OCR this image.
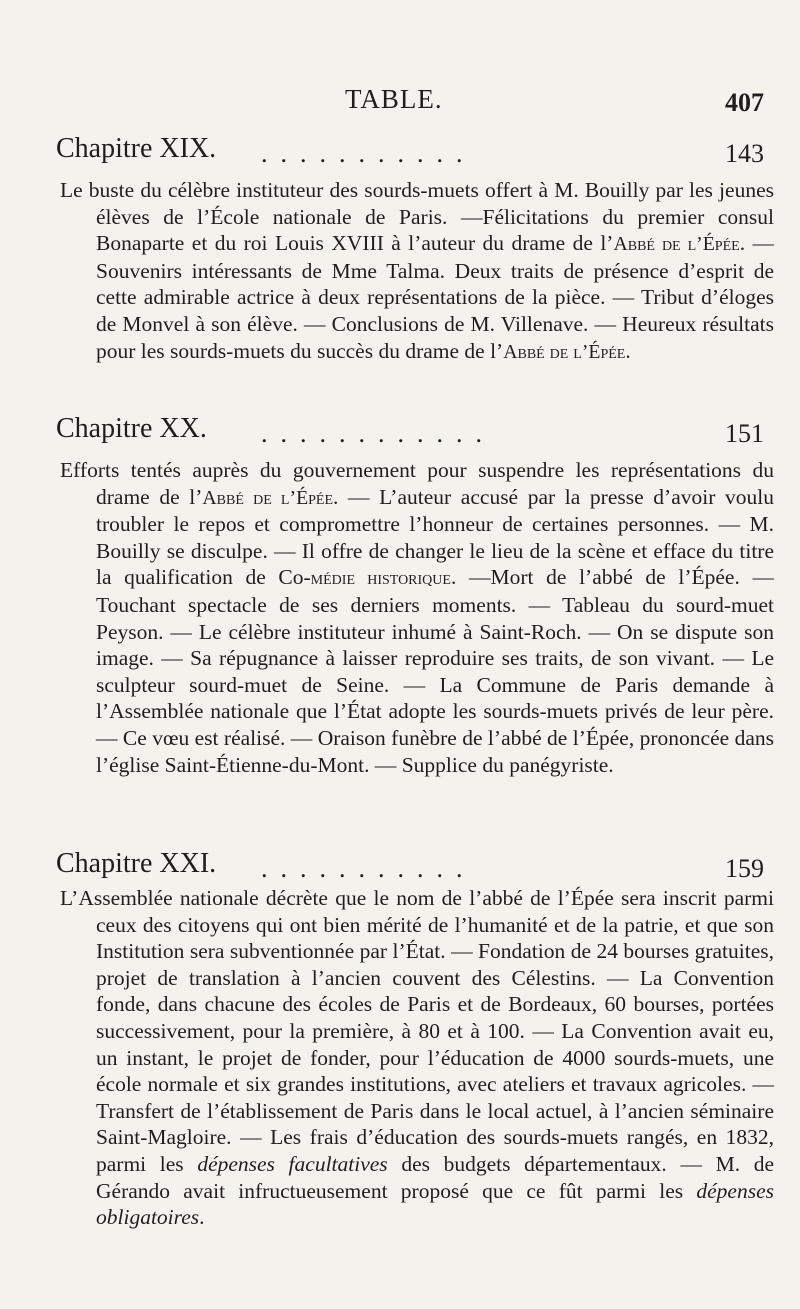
TABLE.	407
Chapitre XIX. ...........	143

Le buste du célèbre instituteur des sourds-muets offert à M. Bouilly par les jeunes élèves de l’École nationale de Paris. —Félicitations du premier consul Bonaparte et du roi Louis XVIII à l’auteur du drame de l’Abbé de l’Épée. —Souvenirs intéressants de Mme Talma. Deux traits de présence d’esprit de cette admirable actrice à deux représentations de la pièce. — Tribut d’éloges de Monvel à son élève. — Conclusions de M. Villenave. — Heureux résultats pour les sourds-muets du succès du drame de l’Abbé de l’Épée.

Chapitre XX. ............	151

Efforts tentés auprès du gouvernement pour suspendre les représentations du drame de l’Abbé de l’Épée. — L’auteur accusé par la presse d’avoir voulu troubler le repos et compromettre l’honneur de certaines personnes. — M. Bouilly se disculpe. — Il offre de changer le lieu de la scène et efface du titre la qualification de Co-médie historique. —Mort de l’abbé de l’Épée. — Touchant spectacle de ses derniers moments. — Tableau du sourd-muet Peyson. — Le célèbre instituteur inhumé à Saint-Roch. — On se dispute son image. — Sa répugnance à laisser reproduire ses traits, de son vivant. — Le sculpteur sourd-muet de Seine. — La Commune de Paris demande à l’Assemblée nationale que l’État adopte les sourds-muets privés de leur père. — Ce vœu est réalisé. — Oraison funèbre de l’abbé de l’Épée, prononcée dans l’église Saint-Étienne-du-Mont. — Supplice du panégyriste.

Chapitre XXI. ...........	159

L’Assemblée nationale décrète que le nom de l’abbé de l’Épée sera inscrit parmi ceux des citoyens qui ont bien mérité de l’humanité et de la patrie, et que son Institution sera subventionnée par l’État. — Fondation de 24 bourses gratuites, projet de translation à l’ancien couvent des Célestins. — La Convention fonde, dans chacune des écoles de Paris et de Bordeaux, 60 bourses, portées successivement, pour la première, à 80 et à 100. — La Convention avait eu, un instant, le projet de fonder, pour l’éducation de 4000 sourds-muets, une école normale et six grandes institutions, avec ateliers et travaux agricoles. — Transfert de l’établissement de Paris dans le local actuel, à l’ancien séminaire Saint-Magloire. — Les frais d’éducation des sourds-muets rangés, en 1832, parmi les dépenses facultatives des budgets départementaux. — M. de Gérando avait infructueusement proposé que ce fût parmi les dépenses obligatoires.
